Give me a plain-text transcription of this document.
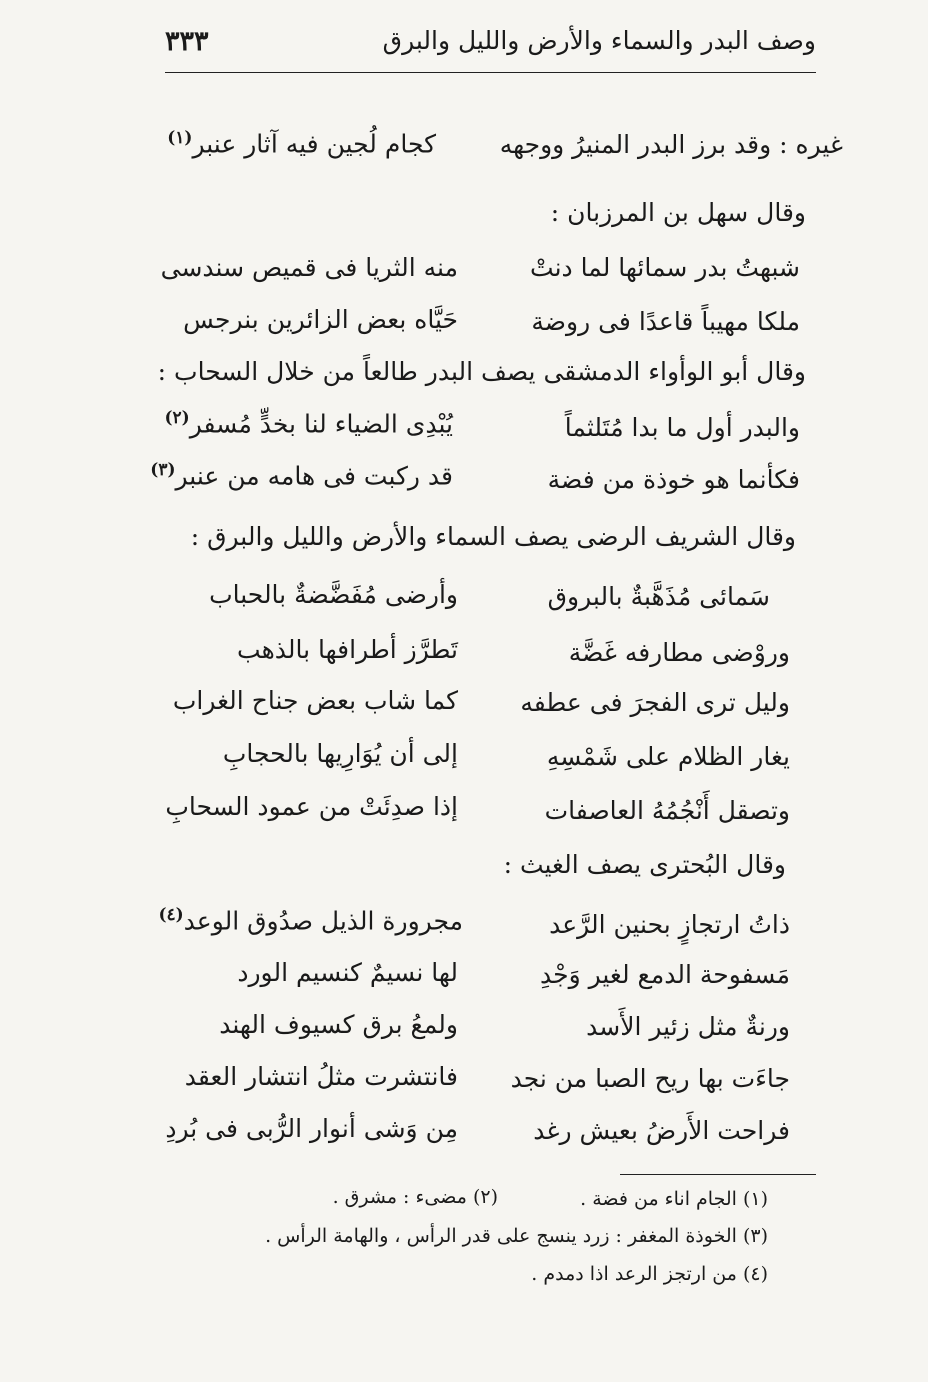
وصف البدر والسماء والأرض والليل والبرق
٣٣٣
غيره : وقد برز البدر المنيرُ ووجهه
كجام لُجين فيه آثار عنبر$^{(١)}$
وقال سهل بن المرزبان :
شبهتُ بدر سمائها لما دنتْ
منه الثريا فى قميص سندسى
ملكا مهيباً قاعدًا فى روضة
حَيَّاه بعض الزائرين بنرجس
وقال أبو الوأواء الدمشقى يصف البدر طالعاً من خلال السحاب :
والبدر أول ما بدا مُتَلثماً
يُبْدِى الضياء لنا بخدٍّ مُسفر$^{(٢)}$
فكأنما هو خوذة من فضة
قد ركبت فى هامه من عنبر$^{(٣)}$
وقال الشريف الرضى يصف السماء والأرض والليل والبرق :
سَمائى مُذَهَّبةٌ بالبروق
وأرضى مُفَضَّضةٌ بالحباب
وروْضى مطارفه غَضَّة
تَطرَّز أطرافها بالذهب
وليل ترى الفجرَ فى عطفه
كما شاب بعض جناح الغراب
يغار الظلام على شَمْسِهِ
إلى أن يُوَارِيها بالحجابِ
وتصقل أَنْجُمُهُ العاصفات
إذا صدِئَتْ من عمود السحابِ
وقال البُحترى يصف الغيث :
ذاتُ ارتجازٍ بحنين الرَّعد
مجرورة الذيل صدُوق الوعد$^{(٤)}$
مَسفوحة الدمع لغير وَجْدِ
لها نسيمٌ كنسيم الورد
ورنةٌ مثل زئير الأَسد
ولمعُ برق كسيوف الهند
جاءَت بها ريح الصبا من نجد
فانتشرت مثلُ انتشار العقد
فراحت الأَرضُ بعيش رغد
مِن وَشى أنوار الرُّبى فى بُردِ
(١) الجام اناء من فضة .
(٢) مضىء : مشرق .
(٣) الخوذة المغفر : زرد ينسج على قدر الرأس ، والهامة الرأس .
(٤) من ارتجز الرعد اذا دمدم .
